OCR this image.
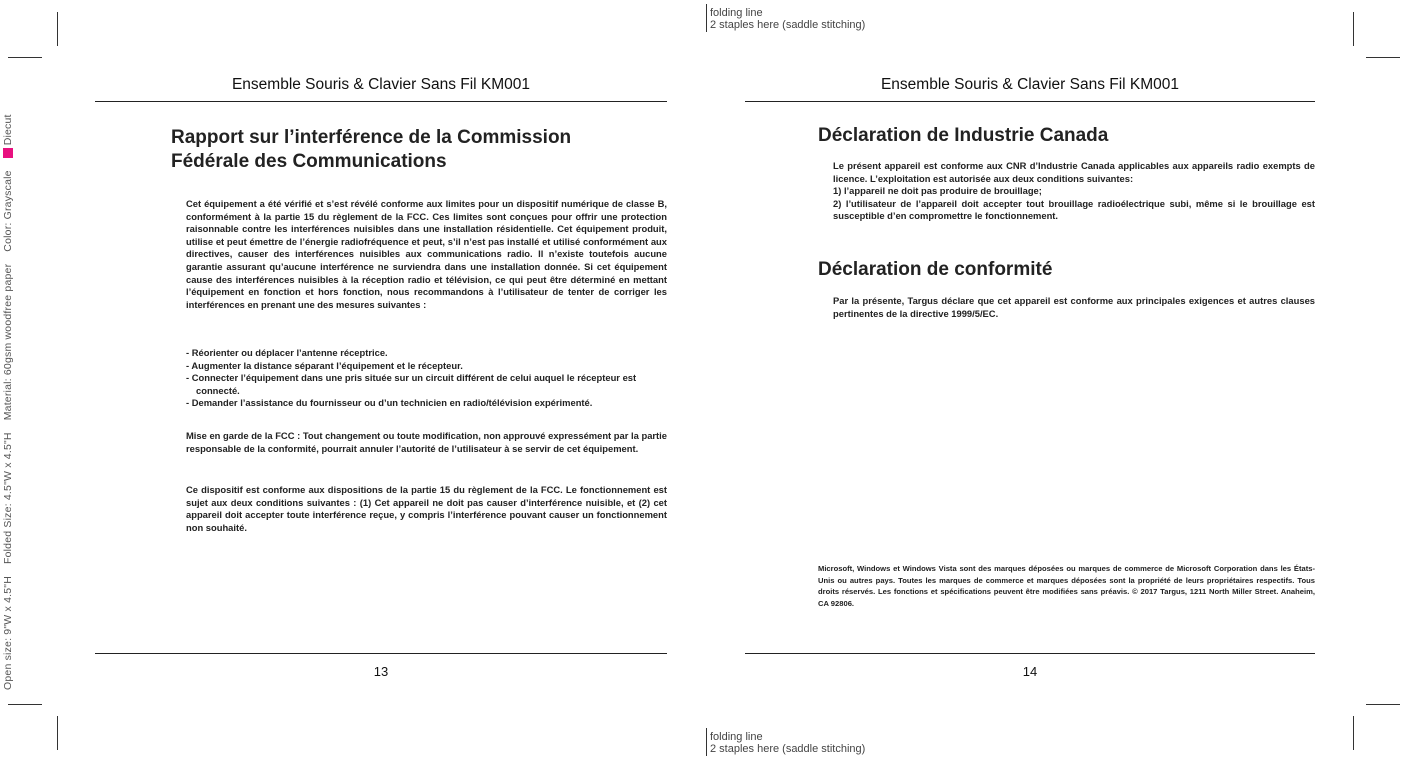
Open size: 9"W x 4.5"H
Folded Size: 4.5"W x 4.5"H
Material: 60gsm woodfree paper
Color: Grayscale
Diecut
folding line
2 staples here (saddle stitching)
folding line
2 staples here (saddle stitching)
Ensemble Souris & Clavier Sans Fil KM001
Rapport sur l’interférence de la Commission
Fédérale des Communications
Cet équipement a été vérifié et s’est révélé conforme aux limites pour un dispositif numérique de classe B, conformément à la partie 15 du règlement de la FCC. Ces limites sont conçues pour offrir une protection raisonnable contre les interférences nuisibles dans une installation résidentielle. Cet équipement produit, utilise et peut émettre de l’énergie radiofréquence et peut, s’il n’est pas installé et utilisé conformément aux directives, causer des interférences nuisibles aux communications radio. Il n’existe toutefois aucune garantie assurant qu’aucune interférence ne surviendra dans une installation donnée. Si cet équipement cause des interférences nuisibles à la réception radio et télévision, ce qui peut être déterminé en mettant l’équipement en fonction et hors fonction, nous recommandons à l’utilisateur de tenter de corriger les interférences en prenant une des mesures suivantes :
- Réorienter ou déplacer l’antenne réceptrice.
- Augmenter la distance séparant l’équipement et le récepteur.
- Connecter l’équipement dans une pris située sur un circuit différent de celui auquel le récepteur est connecté.
- Demander l’assistance du fournisseur ou d’un technicien en radio/télévision expérimenté.
Mise en garde de la FCC : Tout changement ou toute modification, non approuvé expressément par la partie responsable de la conformité, pourrait annuler l’autorité de l’utilisateur à se servir de cet équipement.
Ce dispositif est conforme aux dispositions de la partie 15 du règlement de la FCC. Le fonctionnement est sujet aux deux conditions suivantes : (1) Cet appareil ne doit pas causer d’interférence nuisible, et (2) cet appareil doit accepter toute interférence reçue, y compris l’interférence pouvant causer un fonctionnement non souhaité.
13
Ensemble Souris & Clavier Sans Fil KM001
Déclaration de Industrie Canada
Le présent appareil est conforme aux CNR d’Industrie Canada applicables aux appareils radio exempts de licence. L’exploitation est autorisée aux deux conditions suivantes:
1) l’appareil ne doit pas produire de brouillage;
2) l’utilisateur de l’appareil doit accepter tout brouillage radioélectrique subi, même si le brouillage est susceptible d’en compromettre le fonctionnement.
Déclaration de conformité
Par la présente, Targus déclare que cet appareil est conforme aux principales exigences et autres clauses pertinentes de la directive 1999/5/EC.
Microsoft, Windows et Windows Vista sont des marques déposées ou marques de commerce de Microsoft Corporation dans les États-Unis ou autres pays. Toutes les marques de commerce et marques déposées sont la propriété de leurs propriétaires respectifs. Tous droits réservés. Les fonctions et spécifications peuvent être modifiées sans préavis. © 2017 Targus, 1211 North Miller Street. Anaheim, CA 92806.
14
